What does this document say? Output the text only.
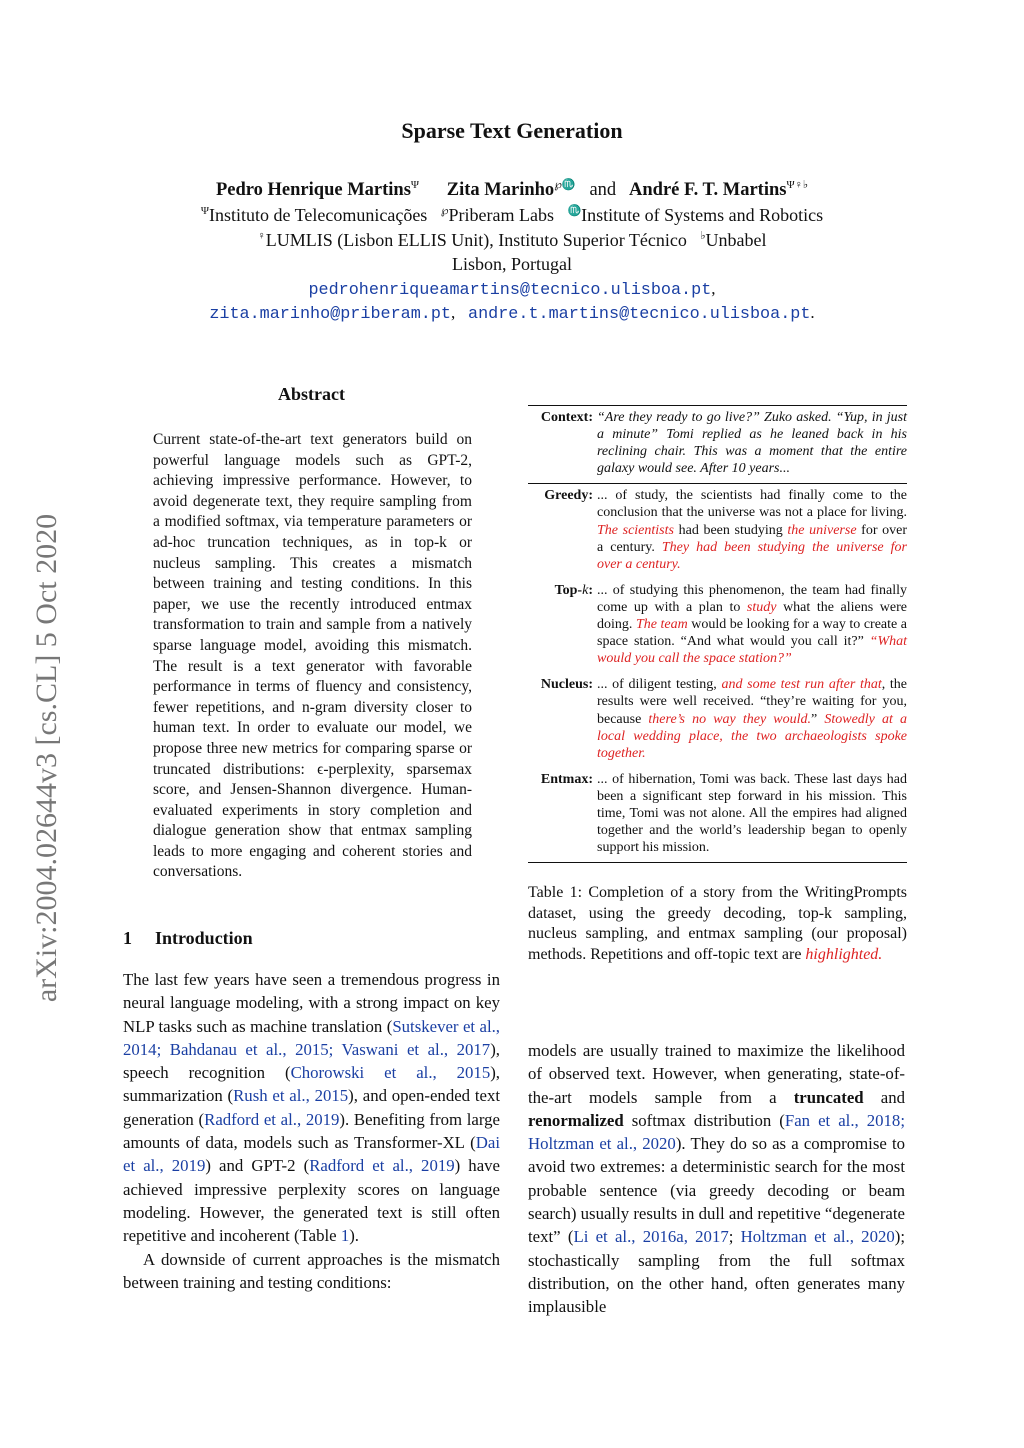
arXiv:2004.02644v3 [cs.CL] 5 Oct 2020
Sparse Text Generation
Pedro Henrique Martins$^\Psi$ Zita Marinho℘♏ and André F. T. Martins$^{\Psi♀♭}$
$^\Psi$Instituto de Telecomunicações ℘Priberam Labs ♏Institute of Systems and Robotics
♀LUMLIS (Lisbon ELLIS Unit), Instituto Superior Técnico ♭Unbabel
Lisbon, Portugal
pedrohenriqueamartins@tecnico.ulisboa.pt,
zita.marinho@priberam.pt,   andre.t.martins@tecnico.ulisboa.pt.
Abstract
Current state-of-the-art text generators build on powerful language models such as GPT-2, achieving impressive performance. However, to avoid degenerate text, they require sampling from a modified softmax, via temperature parameters or ad-hoc truncation techniques, as in top-k or nucleus sampling. This creates a mismatch between training and testing conditions. In this paper, we use the recently introduced entmax transformation to train and sample from a natively sparse language model, avoiding this mismatch. The result is a text generator with favorable performance in terms of fluency and consistency, fewer repetitions, and n-gram diversity closer to human text. In order to evaluate our model, we propose three new metrics for comparing sparse or truncated distributions: ϵ-perplexity, sparsemax score, and Jensen-Shannon divergence. Human-evaluated experiments in story completion and dialogue generation show that entmax sampling leads to more engaging and coherent stories and conversations.
1 Introduction

The last few years have seen a tremendous progress in neural language modeling, with a strong impact on key NLP tasks such as machine translation (Sutskever et al., 2014; Bahdanau et al., 2015; Vaswani et al., 2017), speech recognition (Chorowski et al., 2015), summarization (Rush et al., 2015), and open-ended text generation (Radford et al., 2019). Benefiting from large amounts of data, models such as Transformer-XL (Dai et al., 2019) and GPT-2 (Radford et al., 2019) have achieved impressive perplexity scores on language modeling. However, the generated text is still often repetitive and incoherent (Table 1).

A downside of current approaches is the mismatch between training and testing conditions:

models are usually trained to maximize the likelihood of observed text. However, when generating, state-of-the-art models sample from a truncated and renormalized softmax distribution (Fan et al., 2018; Holtzman et al., 2020). They do so as a compromise to avoid two extremes: a deterministic search for the most probable sentence (via greedy decoding or beam search) usually results in dull and repetitive “degenerate text” (Li et al., 2016a, 2017; Holtzman et al., 2020); stochastically sampling from the full softmax distribution, on the other hand, often generates many implausible
Context: “Are they ready to go live?” Zuko asked. “Yup, in just a minute” Tomi replied as he leaned back in his reclining chair. This was a moment that the entire galaxy would see. After 10 years...
Greedy: ... of study, the scientists had finally come to the conclusion that the universe was not a place for living. The scientists had been studying the universe for over a century. They had been studying the universe for over a century.
Top-k: ... of studying this phenomenon, the team had finally come up with a plan to study what the aliens were doing. The team would be looking for a way to create a space station. “And what would you call it?” “What would you call the space station?”
Nucleus: ... of diligent testing, and some test run after that, the results were well received. “they’re waiting for you, because there’s no way they would.” Stowedly at a local wedding place, the two archaeologists spoke together.
Entmax: ... of hibernation, Tomi was back. These last days had been a significant step forward in his mission. This time, Tomi was not alone. All the empires had aligned together and the world’s leadership began to openly support his mission.
Table 1: Completion of a story from the WritingPrompts dataset, using the greedy decoding, top-k sampling, nucleus sampling, and entmax sampling (our proposal) methods. Repetitions and off-topic text are highlighted.
